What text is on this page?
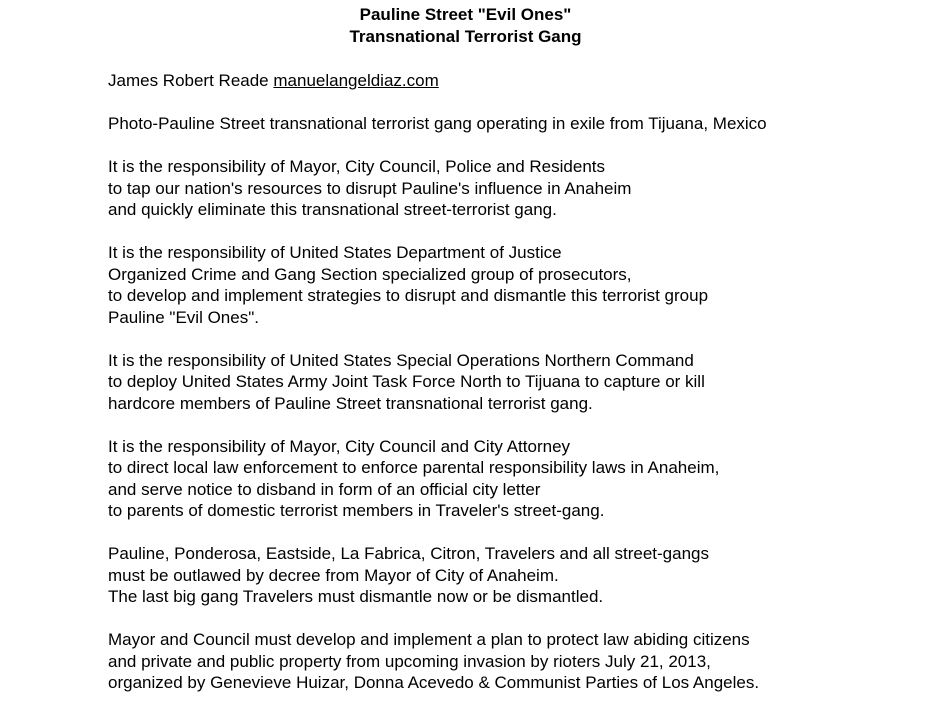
Pauline Street "Evil Ones"
Transnational Terrorist Gang
James Robert Reade manuelangeldiaz.com
Photo-Pauline Street transnational terrorist gang operating in exile from Tijuana, Mexico
It is the responsibility of Mayor, City Council, Police and Residents
to tap our nation's resources to disrupt Pauline's influence in Anaheim
and quickly eliminate this transnational street-terrorist gang.
It is the responsibility of United States Department of Justice
Organized Crime and Gang Section specialized group of prosecutors,
to develop and implement strategies to disrupt and dismantle this terrorist group
Pauline "Evil Ones".
It is the responsibility of United States Special Operations Northern Command
to deploy United States Army Joint Task Force North to Tijuana to capture or kill
hardcore members of Pauline Street transnational terrorist gang.
It is the responsibility of Mayor, City Council and City Attorney
to direct local law enforcement to enforce parental responsibility laws in Anaheim,
and serve notice to disband in form of an official city letter
to parents of domestic terrorist members in Traveler's street-gang.
Pauline, Ponderosa, Eastside, La Fabrica, Citron, Travelers and all street-gangs
must be outlawed by decree from Mayor of City of Anaheim.
The last big gang Travelers must dismantle now or be dismantled.
Mayor and Council must develop and implement a plan to protect law abiding citizens
and private and public property from upcoming invasion by rioters July 21, 2013,
organized by Genevieve Huizar, Donna Acevedo & Communist Parties of Los Angeles.
